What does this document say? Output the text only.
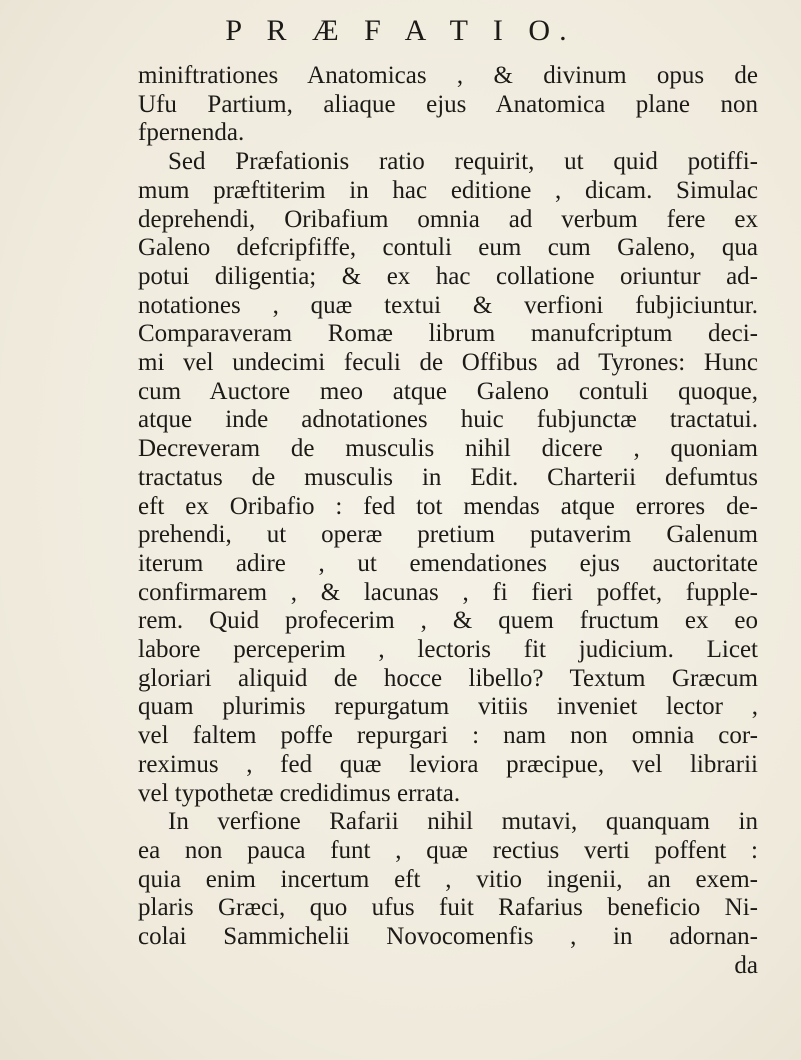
P R Æ F A T I O.
miniftrationes Anatomicas , & divinum opus de
Ufu Partium, aliaque ejus Anatomica plane non
fpernenda.
Sed Præfationis ratio requirit, ut quid potiffi-
mum præftiterim in hac editione , dicam. Simulac
deprehendi, Oribafium omnia ad verbum fere ex
Galeno defcripfiffe, contuli eum cum Galeno, qua
potui diligentia; & ex hac collatione oriuntur ad-
notationes , quæ textui & verfioni fubjiciuntur.
Comparaveram Romæ librum manufcriptum deci-
mi vel undecimi feculi de Offibus ad Tyrones: Hunc
cum Auctore meo atque Galeno contuli quoque,
atque inde adnotationes huic fubjunctæ tractatui.
Decreveram de musculis nihil dicere , quoniam
tractatus de musculis in Edit. Charterii defumtus
eft ex Oribafio : fed tot mendas atque errores de-
prehendi, ut operæ pretium putaverim Galenum
iterum adire , ut emendationes ejus auctoritate
confirmarem , & lacunas , fi fieri poffet, fupple-
rem. Quid profecerim , & quem fructum ex eo
labore perceperim , lectoris fit judicium. Licet
gloriari aliquid de hocce libello? Textum Græcum
quam plurimis repurgatum vitiis inveniet lector ,
vel faltem poffe repurgari : nam non omnia cor-
reximus , fed quæ leviora præcipue, vel librarii
vel typothetæ credidimus errata.
In verfione Rafarii nihil mutavi, quanquam in
ea non pauca funt , quæ rectius verti poffent :
quia enim incertum eft , vitio ingenii, an exem-
plaris Græci, quo ufus fuit Rafarius beneficio Ni-
colai Sammichelii Novocomenfis , in adornan-
da
